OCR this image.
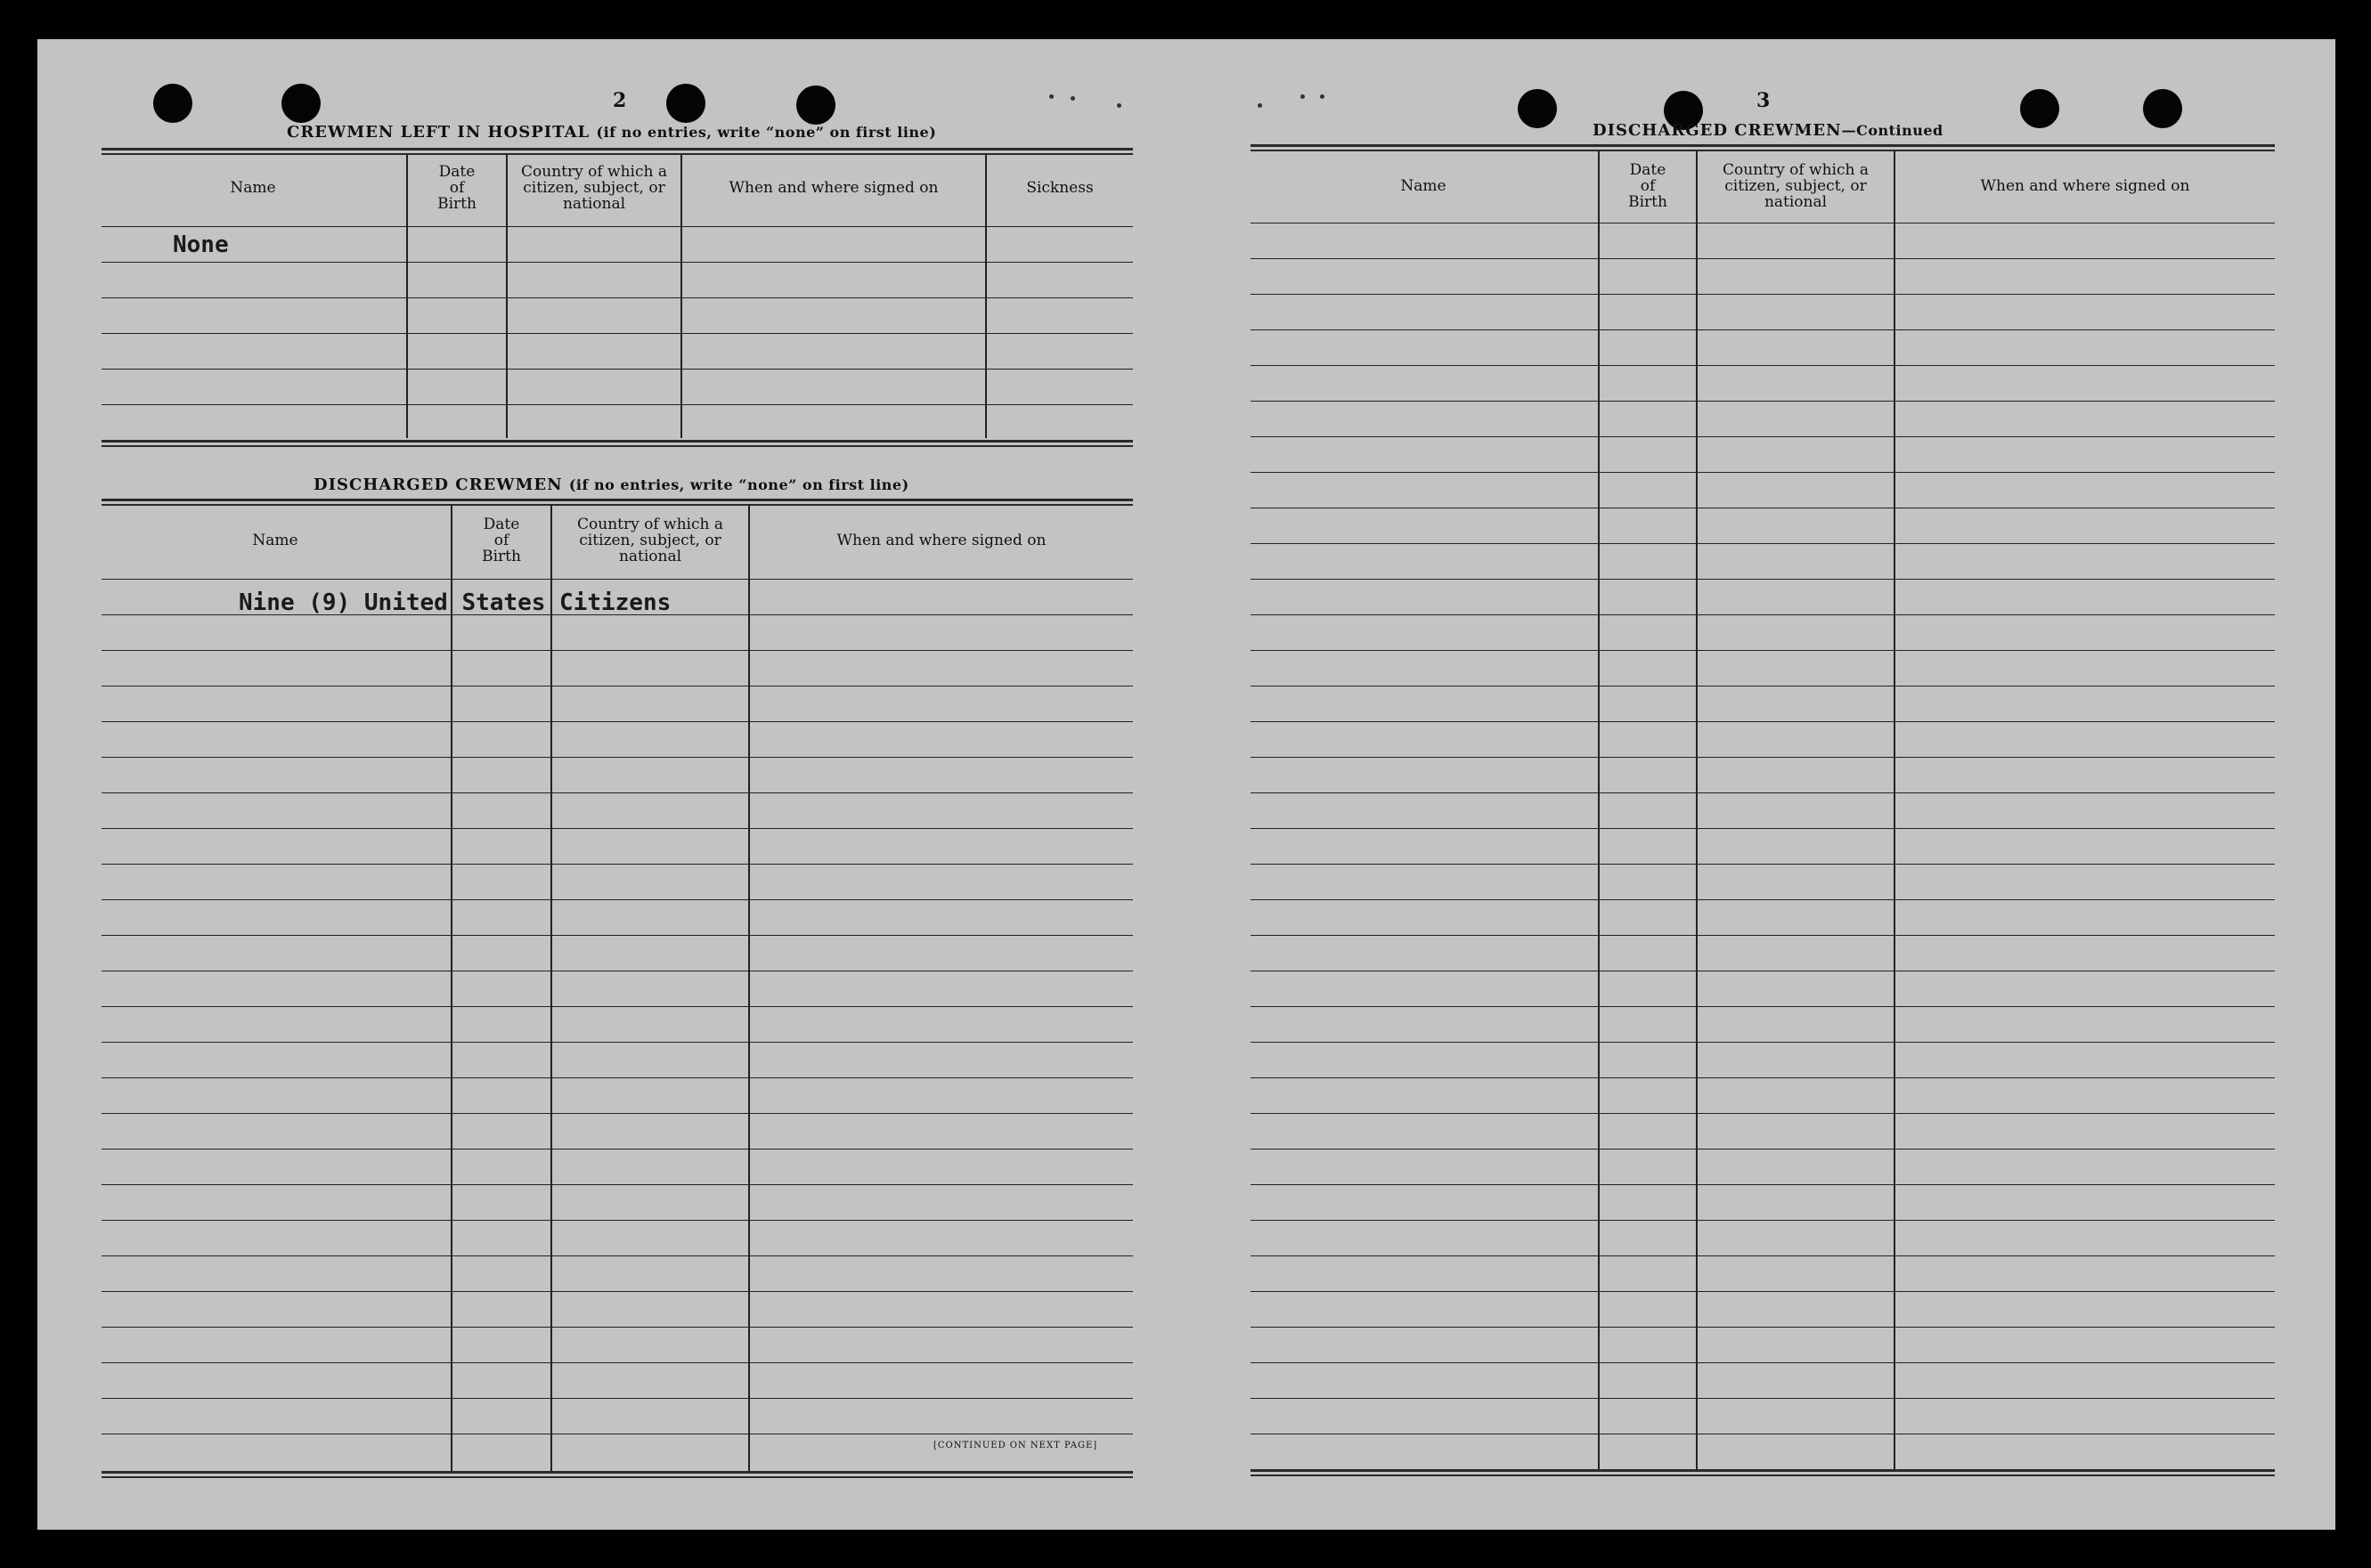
2
CREWMEN LEFT IN HOSPITAL (if no entries, write “none” on first line)
Name
Date
of
Birth
Country of which a
citizen, subject, or
national
When and where signed on	Sickness
None
DISCHARGED CREWMEN (if no entries, write “none” on first line)
Name
Date
of
Birth
Country of which a
citizen, subject, or
national
When and where signed on
Nine (9) United States Citizens
[CONTINUED ON NEXT PAGE]
3
DISCHARGED CREWMEN—Continued
Name
Date
of
Birth
Country of which a
citizen, subject, or
national
When and where signed on
